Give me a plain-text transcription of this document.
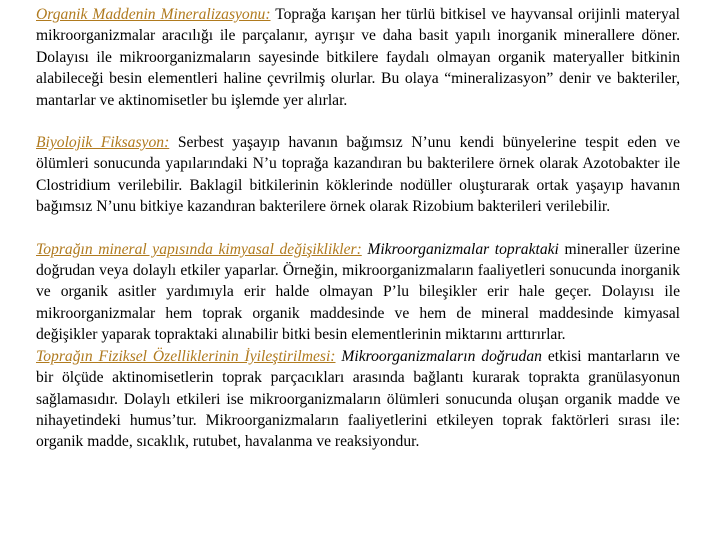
Organik Maddenin Mineralizasyonu: Toprağa karışan her türlü bitkisel ve hayvansal orijinli materyal mikroorganizmalar aracılığı ile parçalanır, ayrışır ve daha basit yapılı inorganik minerallere döner. Dolayısı ile mikroorganizmaların sayesinde bitkilere faydalı olmayan organik materyaller bitkinin alabileceği besin elementleri haline çevrilmiş olurlar. Bu olaya “mineralizasyon” denir ve bakteriler, mantarlar ve aktinomisetler bu işlemde yer alırlar.

Biyolojik Fiksasyon: Serbest yaşayıp havanın bağımsız N’unu kendi bünyelerine tespit eden ve ölümleri sonucunda yapılarındaki N’u toprağa kazandıran bu bakterilere örnek olarak Azotobakter ile Clostridium verilebilir. Baklagil bitkilerinin köklerinde nodüller oluşturarak ortak yaşayıp havanın bağımsız N’unu bitkiye kazandıran bakterilere örnek olarak Rizobium bakterileri verilebilir.

Toprağın mineral yapısında kimyasal değişiklikler: Mikroorganizmalar topraktaki mineraller üzerine doğrudan veya dolaylı etkiler yaparlar. Örneğin, mikroorganizmaların faaliyetleri sonucunda inorganik ve organik asitler yardımıyla erir halde olmayan P’lu bileşikler erir hale geçer. Dolayısı ile mikroorganizmalar hem toprak organik maddesinde ve hem de mineral maddesinde kimyasal değişikler yaparak topraktaki alınabilir bitki besin elementlerinin miktarını arttırırlar.

Toprağın Fiziksel Özelliklerinin İyileştirilmesi: Mikroorganizmaların doğrudan etkisi mantarların ve bir ölçüde aktinomisetlerin toprak parçacıkları arasında bağlantı kurarak toprakta granülasyonun sağlamasıdır. Dolaylı etkileri ise mikroorganizmaların ölümleri sonucunda oluşan organik madde ve nihayetindeki humus’tur. Mikroorganizmaların faaliyetlerini etkileyen toprak faktörleri sırası ile: organik madde, sıcaklık, rutubet, havalanma ve reaksiyondur.
